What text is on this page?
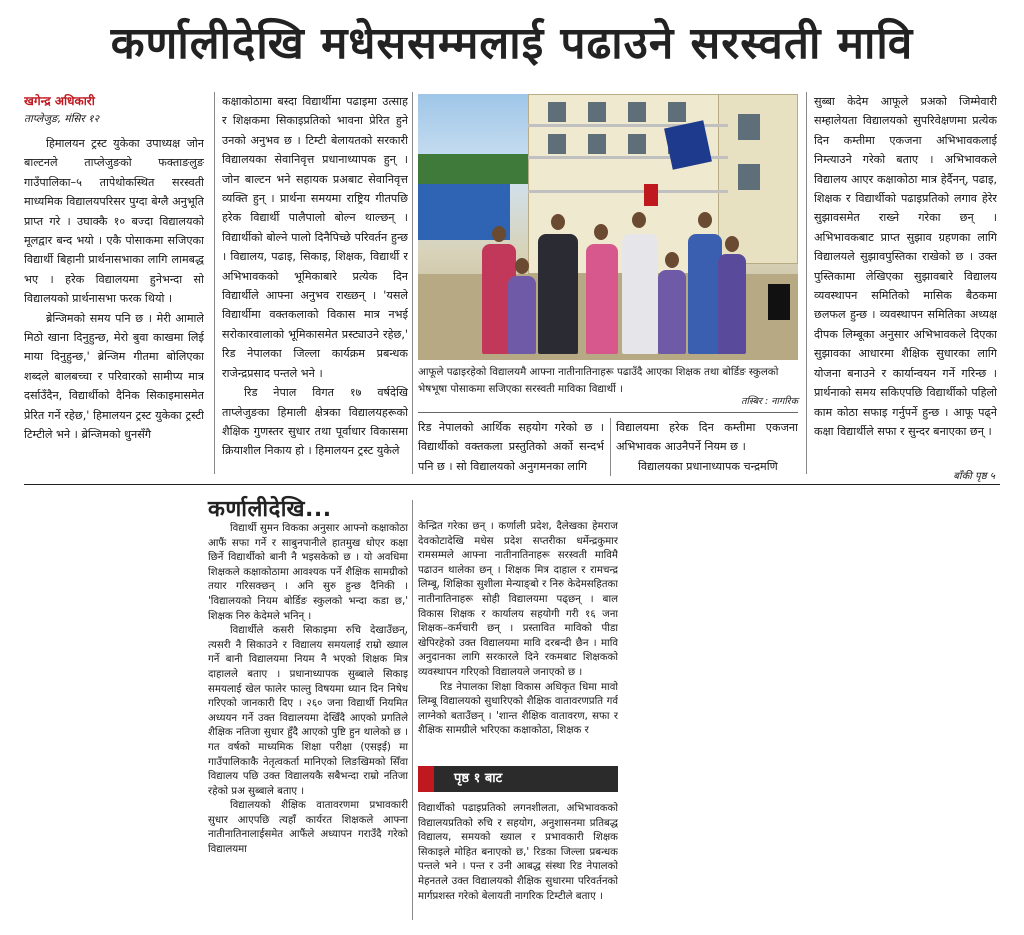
कर्णालीदेखि मधेससम्मलाई पढाउने सरस्वती मावि
खगेन्द्र अधिकारी
ताप्लेजुङ, मंसिर १२

हिमालयन ट्रस्ट युकेका उपाध्यक्ष जोन बाल्टनले ताप्लेजुङको फक्ताङलुङ गाउँपालिका–५ तापेथोकस्थित सरस्वती माध्यमिक विद्यालयपरिसर पुग्दा बेग्लै अनुभूति प्राप्त गरे । उघाक्कै १० बज्दा विद्यालयको मूलद्वार बन्द भयो । एकै पोसाकमा सजिएका विद्यार्थी बिहानी प्रार्थनासभाका लागि लामबद्ध भए । हरेक विद्यालयमा हुनेभन्दा सो विद्यालयको प्रार्थनासभा फरक थियो ।

ब्रेन्जिमको समय पनि छ । मेरी आमाले मिठो खाना दिनुहुन्छ, मेरो बुवा काखमा लिई माया दिनुहुन्छ,' ब्रेन्जिम गीतमा बोलिएका शब्दले बालबच्चा र परिवारको सामीप्य मात्र दर्साउँदैन, विद्यार्थीको दैनिक सिकाइमासमेत प्रेरित गर्ने रहेछ,' हिमालयन ट्रस्ट युकेका ट्रस्टी टिम्टीले भने । ब्रेन्जिमको धुनसँगै

कक्षाकोठामा बस्दा विद्यार्थीमा पढाइमा उत्साह र शिक्षकमा सिकाइप्रतिको भावना प्रेरित हुने उनको अनुभव छ । टिम्टी बेलायतको सरकारी विद्यालयका सेवानिवृत्त प्रधानाध्यापक हुन् । जोन बाल्टन भने सहायक प्रअबाट सेवानिवृत्त व्यक्ति हुन् । प्रार्थना समयमा राष्ट्रिय गीतपछि हरेक विद्यार्थी पालैपालो बोल्न थाल्छन् । विद्यार्थीको बोल्ने पालो दिनैपिच्छे परिवर्तन हुन्छ । विद्यालय, पढाइ, सिकाइ, शिक्षक, विद्यार्थी र अभिभावकको भूमिकाबारे प्रत्येक दिन विद्यार्थीले आफ्ना अनुभव राख्छन् । 'यसले विद्यार्थीमा वक्तकलाको विकास मात्र नभई सरोकारवालाको भूमिकासमेत प्रस्ट्याउने रहेछ,' रिड नेपालका जिल्ला कार्यक्रम प्रबन्धक राजेन्द्रप्रसाद पन्तले भने ।

रिड नेपाल विगत १७ वर्षदेखि ताप्लेजुङका हिमाली क्षेत्रका विद्यालयहरूको शैक्षिक गुणस्तर सुधार तथा पूर्वाधार विकासमा क्रियाशील निकाय हो । हिमालयन ट्रस्ट युकेले

आफूले पढाइरहेको विद्यालयमै आफ्ना नातीनातिनाहरू पढाउँदै आएका शिक्षक तथा बोर्डिङ स्कुलको भेषभूषा पोसाकमा सजिएका सरस्वती माविका विद्यार्थी ।
तस्बिर : नागरिक

रिड नेपालको आर्थिक सहयोग गरेको छ । विद्यार्थीको वक्तकला प्रस्तुतिको अर्को सन्दर्भ पनि छ । सो विद्यालयको अनुगमनका लागि

विद्यालयमा हरेक दिन कम्तीमा एकजना अभिभावक आउनैपर्ने नियम छ ।

विद्यालयका प्रधानाध्यापक चन्द्रमणि

सुब्बा केदेम आफूले प्रअको जिम्मेवारी सम्हालेयता विद्यालयको सुपरिवेक्षणमा प्रत्येक दिन कम्तीमा एकजना अभिभावकलाई निम्त्याउने गरेको बताए । अभिभावकले विद्यालय आएर कक्षाकोठा मात्र हेर्दैनन्, पढाइ, शिक्षक र विद्यार्थीको पढाइप्रतिको लगाव हेरेर सुझावसमेत राख्ने गरेका छन् । अभिभावकबाट प्राप्त सुझाव ग्रहणका लागि विद्यालयले सुझावपुस्तिका राखेको छ । उक्त पुस्तिकामा लेखिएका सुझावबारे विद्यालय व्यवस्थापन समितिको मासिक बैठकमा छलफल हुन्छ । व्यवस्थापन समितिका अध्यक्ष दीपक लिम्बूका अनुसार अभिभावकले दिएका सुझावका आधारमा शैक्षिक सुधारका लागि योजना बनाउने र कार्यान्वयन गर्ने गरिन्छ । प्रार्थनाको समय सकिएपछि विद्यार्थीको पहिलो काम कोठा सफाइ गर्नुपर्ने हुन्छ । आफू पढ्ने कक्षा विद्यार्थीले सफा र सुन्दर बनाएका छन् ।

बाँकी पृष्ठ ५
कर्णालीदेखि...

विद्यार्थी सुमन विकका अनुसार आफ्नो कक्षाकोठा आफैं सफा गर्ने र साबुनपानीले हातमुख धोएर कक्षा छिर्ने विद्यार्थीको बानी नै भइसकेको छ । यो अवधिमा शिक्षकले कक्षाकोठामा आवश्यक पर्ने शैक्षिक सामग्रीको तयार गरिसक्छन् । अनि सुरु हुन्छ दैनिकी । 'विद्यालयको नियम बोर्डिङ स्कुलको भन्दा कडा छ,' शिक्षक निरु केदेमले भनिन् ।

विद्यार्थीले कसरी सिकाइमा रुचि देखाउँछन्, त्यसरी नै सिकाउने र विद्यालय समयलाई राम्रो ख्याल गर्ने बानी विद्यालयमा नियम नै भएको शिक्षक मित्र दाहालले बताए । प्रधानाध्यापक सुब्बाले सिकाइ समयलाई खेल फालेर फाल्तु विषयमा ध्यान दिन निषेध गरिएको जानकारी दिए । २६० जना विद्यार्थी नियमित अध्ययन गर्ने उक्त विद्यालयमा देखिँदै आएको प्रगतिले शैक्षिक नतिजा सुधार हुँदै आएको पुष्टि हुन थालेको छ । गत वर्षको माध्यमिक शिक्षा परीक्षा (एसइई) मा गाउँपालिकाकै नेतृत्वकर्ता मानिएको लिङखिमको सिँवा विद्यालय पछि उक्त विद्यालयकै सबैभन्दा राम्रो नतिजा रहेको प्रअ सुब्बाले बताए ।

विद्यालयको शैक्षिक वातावरणमा प्रभावकारी सुधार आएपछि त्यहाँ कार्यरत शिक्षकले आफ्ना नातीनातिनालाईसमेत आफैंले अध्यापन गराउँदै गरेको विद्यालयमा

केन्द्रित गरेका छन् । कर्णाली प्रदेश, दैलेखका हेमराज देवकोटादेखि मधेस प्रदेश सप्तरीका धर्मेन्द्रकुमार रामसम्मले आफ्ना नातीनातिनाहरू सरस्वती माविमै पढाउन थालेका छन् । शिक्षक मित्र दाहाल र रामचन्द्र लिम्बू, शिक्षिका सुशीला मेन्याङ्बो र निरु केदेमसहितका नातीनातिनाहरू सोही विद्यालयमा पढ्छन् । बाल विकास शिक्षक र कार्यालय सहयोगी गरी १६ जना शिक्षक–कर्मचारी छन् । प्रस्तावित माविको पीडा खेपिरहेको उक्त विद्यालयमा मावि दरबन्दी छैन । मावि अनुदानका लागि सरकारले दिने रकमबाट शिक्षकको व्यवस्थापन गरिएको विद्यालयले जनाएको छ ।

रिड नेपालका शिक्षा विकास अधिकृत धिमा मावो लिम्बू विद्यालयको सुधारिएको शैक्षिक वातावरणप्रति गर्व लाग्नेको बताउँछन् । 'शान्त शैक्षिक वातावरण, सफा र शैक्षिक सामग्रीले भरिएका कक्षाकोठा, शिक्षक र

पृष्ठ १ बाट

विद्यार्थीको पढाइप्रतिको लगनशीलता, अभिभावकको विद्यालयप्रतिको रुचि र सहयोग, अनुशासनमा प्रतिबद्ध विद्यालय, समयको ख्याल र प्रभावकारी शिक्षक सिकाइले मोहित बनाएको छ,' रिडका जिल्ला प्रबन्धक पन्तले भने । पन्त र उनी आबद्ध संस्था रिड नेपालको मेहनतले उक्त विद्यालयको शैक्षिक सुधारमा परिवर्तनको मार्गप्रशस्त गरेको बेलायती नागरिक टिम्टीले बताए ।
